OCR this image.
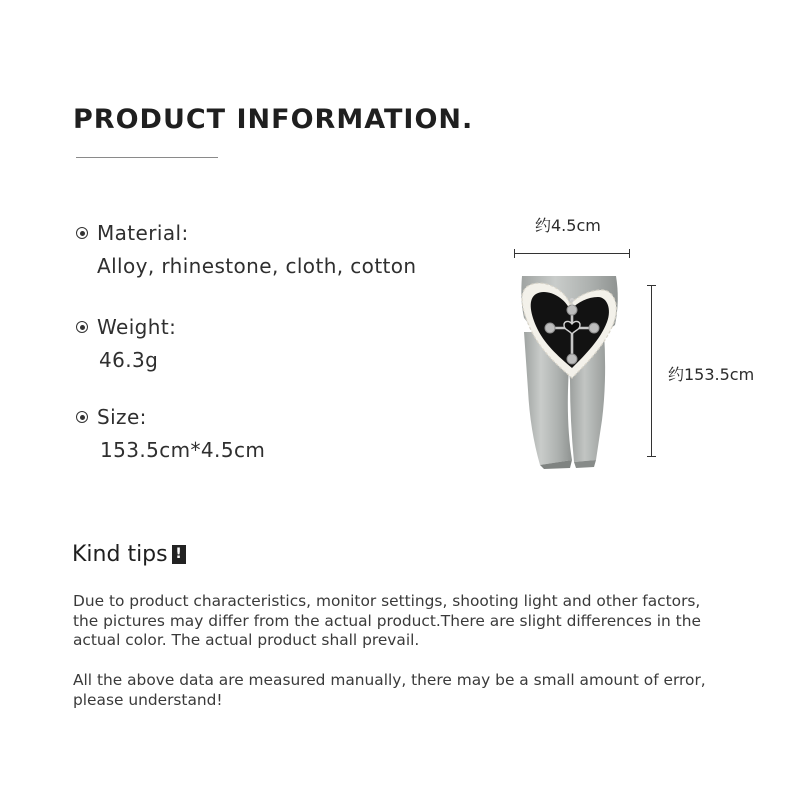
PRODUCT INFORMATION.
Material:
Alloy, rhinestone, cloth, cotton
Weight:
46.3g
Size:
153.5cm*4.5cm
约4.5cm
约153.5cm
Kind tips !
Due to product characteristics, monitor settings, shooting light and other factors, the pictures may differ from the actual product.There are slight differences in the actual color. The actual product shall prevail.
All the above data are measured manually, there may be a small amount of error, please understand!
